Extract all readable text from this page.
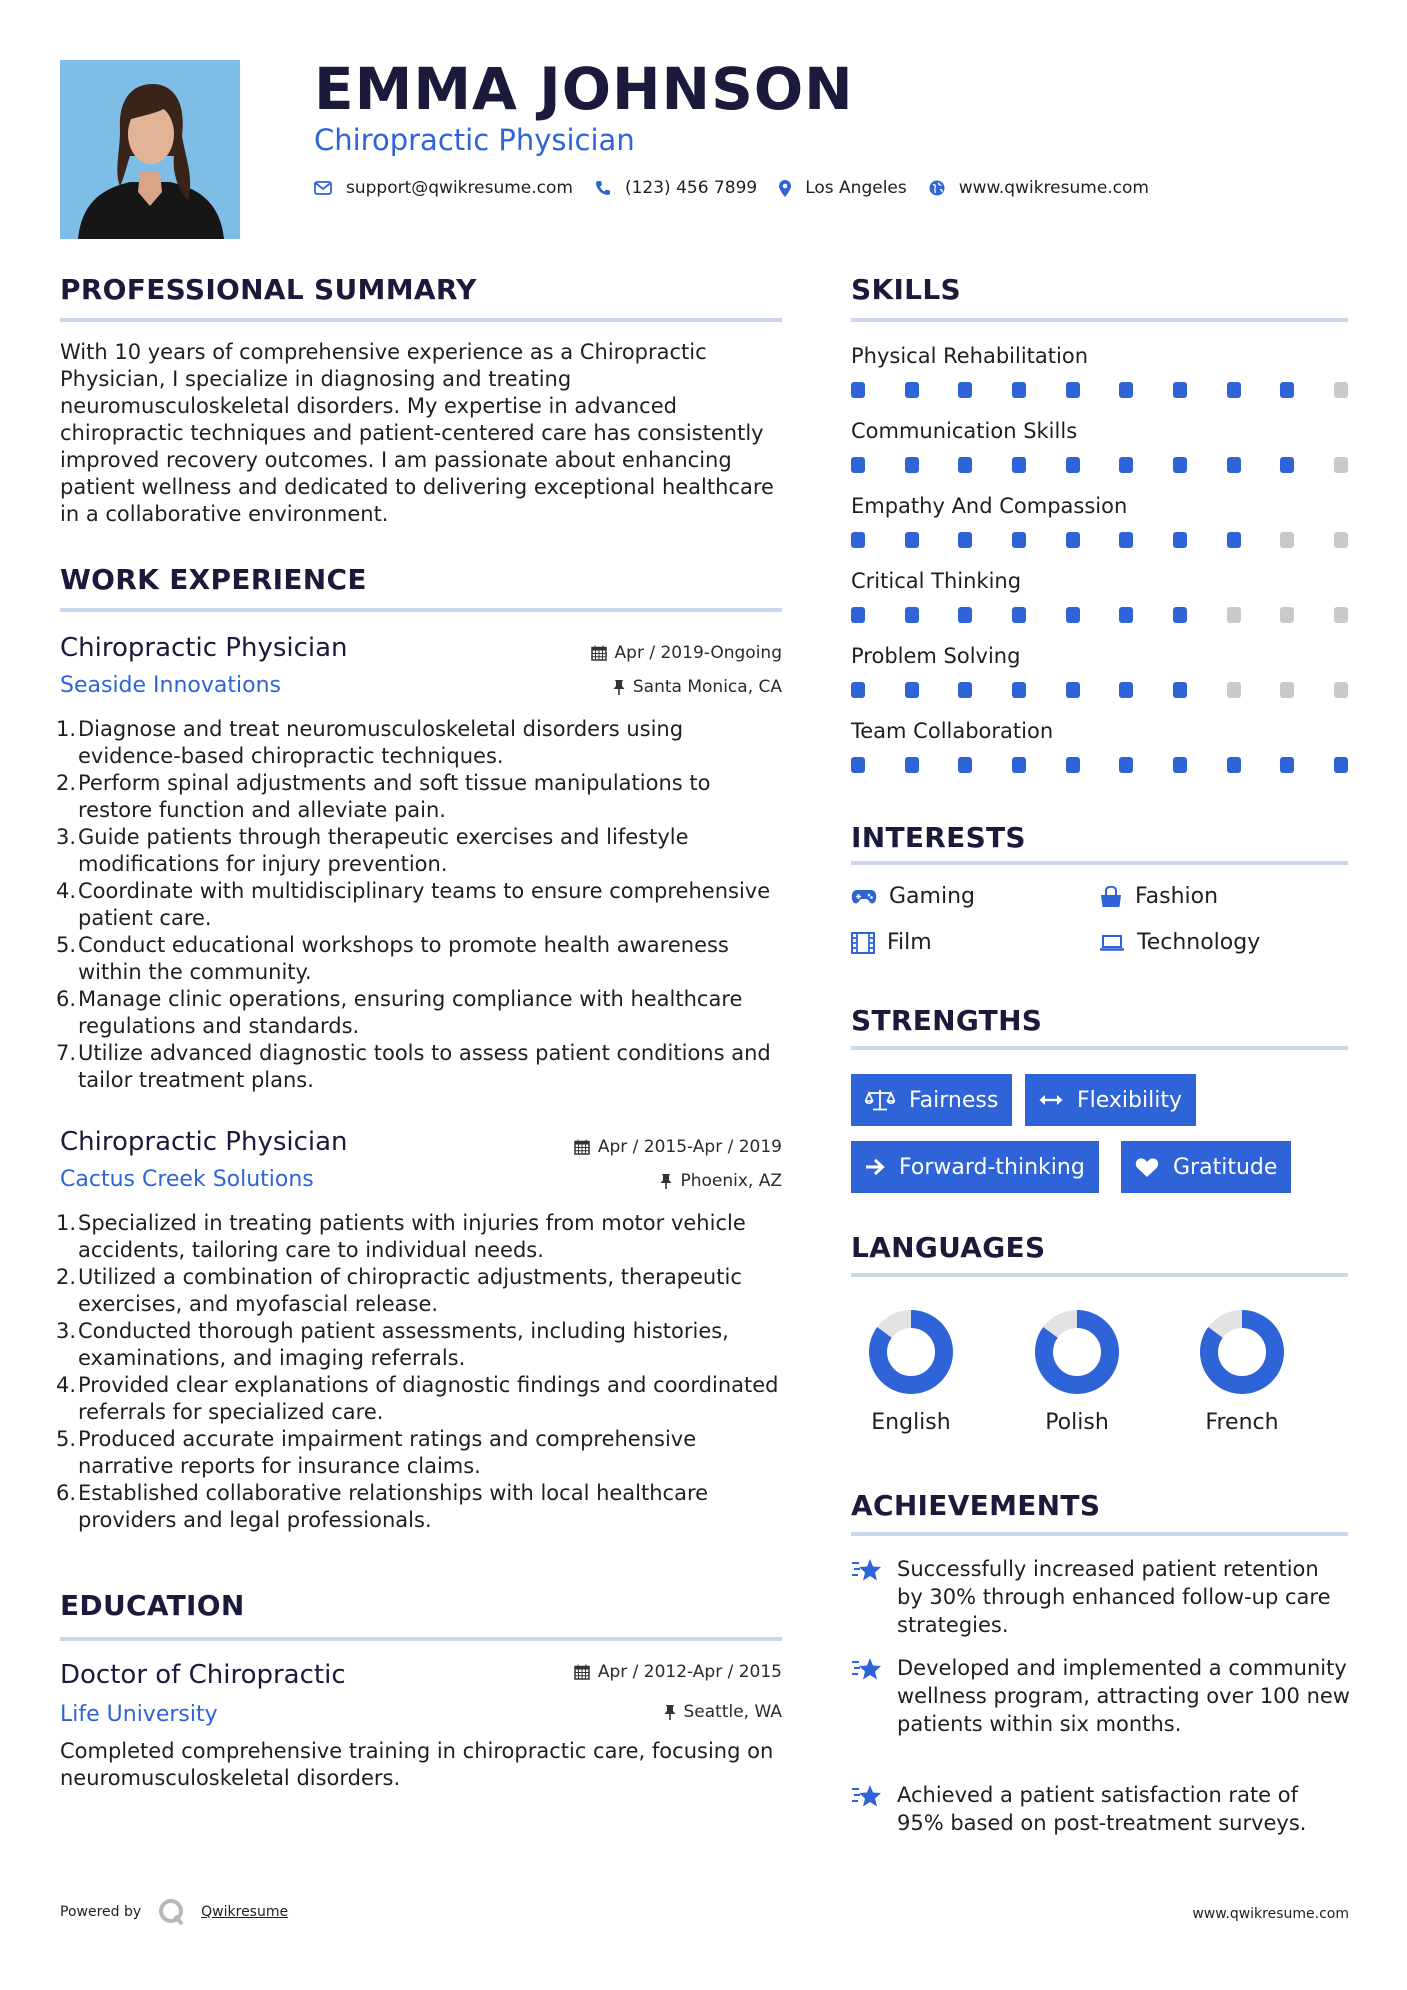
EMMA JOHNSON
Chiropractic Physician
support@qwikresume.com	(123) 456 7899	Los Angeles	www.qwikresume.com
PROFESSIONAL SUMMARY
With 10 years of comprehensive experience as a Chiropractic Physician, I specialize in diagnosing and treating neuromusculoskeletal disorders. My expertise in advanced chiropractic techniques and patient-centered care has consistently improved recovery outcomes. I am passionate about enhancing patient wellness and dedicated to delivering exceptional healthcare in a collaborative environment.
WORK EXPERIENCE
Chiropractic Physician
Seaside Innovations
Apr / 2019-Ongoing
Santa Monica, CA
1. Diagnose and treat neuromusculoskeletal disorders using evidence-based chiropractic techniques.
2. Perform spinal adjustments and soft tissue manipulations to restore function and alleviate pain.
3. Guide patients through therapeutic exercises and lifestyle modifications for injury prevention.
4. Coordinate with multidisciplinary teams to ensure comprehensive patient care.
5. Conduct educational workshops to promote health awareness within the community.
6. Manage clinic operations, ensuring compliance with healthcare regulations and standards.
7. Utilize advanced diagnostic tools to assess patient conditions and tailor treatment plans.
Chiropractic Physician
Cactus Creek Solutions
Apr / 2015-Apr / 2019
Phoenix, AZ
1. Specialized in treating patients with injuries from motor vehicle accidents, tailoring care to individual needs.
2. Utilized a combination of chiropractic adjustments, therapeutic exercises, and myofascial release.
3. Conducted thorough patient assessments, including histories, examinations, and imaging referrals.
4. Provided clear explanations of diagnostic findings and coordinated referrals for specialized care.
5. Produced accurate impairment ratings and comprehensive narrative reports for insurance claims.
6. Established collaborative relationships with local healthcare providers and legal professionals.
EDUCATION
Doctor of Chiropractic
Life University
Apr / 2012-Apr / 2015
Seattle, WA
Completed comprehensive training in chiropractic care, focusing on neuromusculoskeletal disorders.
SKILLS
Physical Rehabilitation
Communication Skills
Empathy And Compassion
Critical Thinking
Problem Solving
Team Collaboration
INTERESTS
Gaming	Fashion
Film	Technology
STRENGTHS
Fairness	Flexibility
Forward-thinking	Gratitude
LANGUAGES
English	Polish	French
ACHIEVEMENTS
Successfully increased patient retention by 30% through enhanced follow-up care strategies.
Developed and implemented a community wellness program, attracting over 100 new patients within six months.
Achieved a patient satisfaction rate of 95% based on post-treatment surveys.
Powered by	Qwikresume	www.qwikresume.com
